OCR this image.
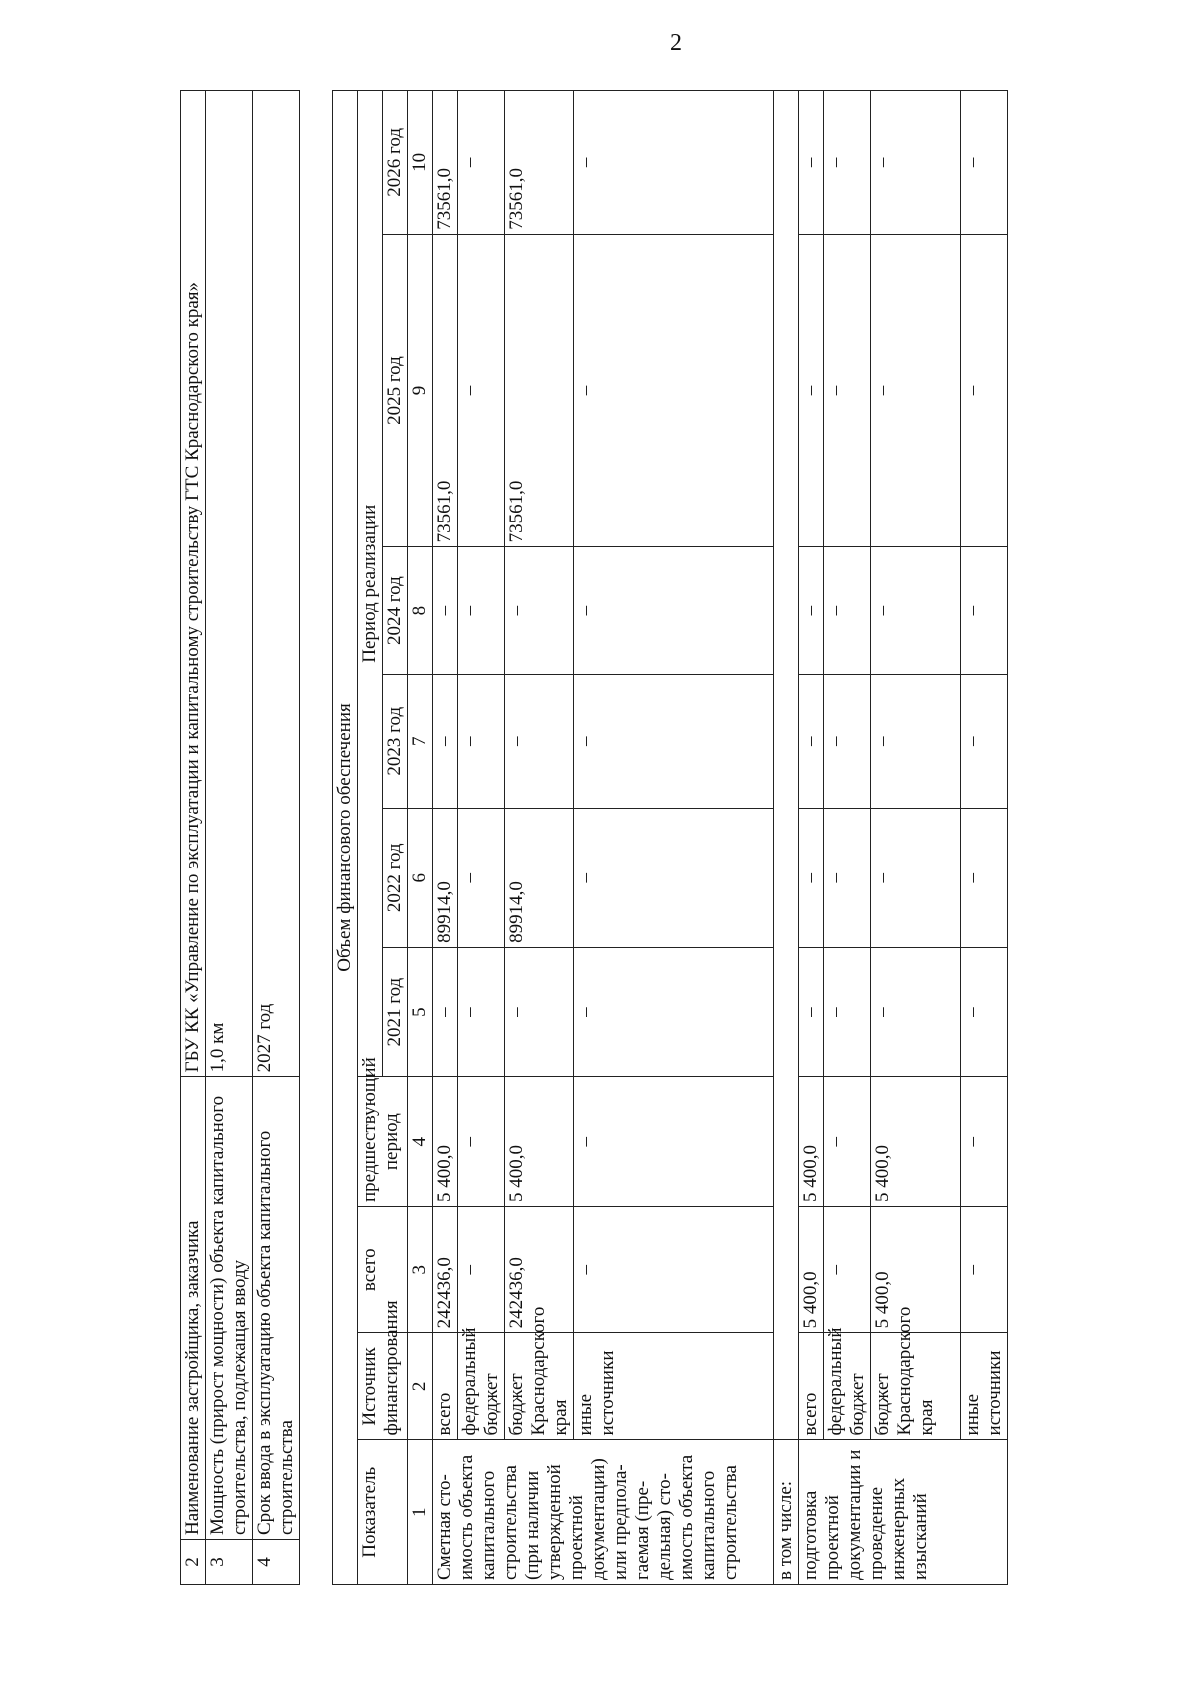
2
2	Наименование застройщика, заказчика				ГБУ КК «Управление по эксплуатации и капитальному строительству ГТС Краснодарского края»					
3	Мощность (прирост мощности) объекта капитального строительства, подлежащая вводу				1,0 км					
4	Срок ввода в эксплуатацию объекта капитального строительства				2027 год					

Объем финансового обеспечения										
Показатель		Источник финансирования	всего	предшествующий период	Период реализации					
					2021 год	2022 год	2023 год	2024 год	2025 год	2026 год
1		2	3	4	5	6	7	8	9	10
Сметная сто-имость объекта капитального строительства (при наличии утвержденной проектной документации) или предпола-гаемая (пре-дельная) сто-имость объекта капитального строительства		всего	242436,0	5 400,0	–	89914,0	–	–	73561,0	73561,0
		федеральный бюджет	–	–	–	–	–	–	–	–
		бюджет Краснодарского края	242436,0	5 400,0	–	89914,0	–	–	73561,0	73561,0
		иные источники	–	–	–	–	–	–	–	–
в том числе:										
подготовка проектной документации и проведение инженерных изысканий		всего	5 400,0	5 400,0	–	–	–	–	–	–
		федеральный бюджет	–	–	–	–	–	–	–	–
		бюджет Краснодарского края	5 400,0	5 400,0	–	–	–	–	–	–
		иные источники	–	–	–	–	–	–	–	–
